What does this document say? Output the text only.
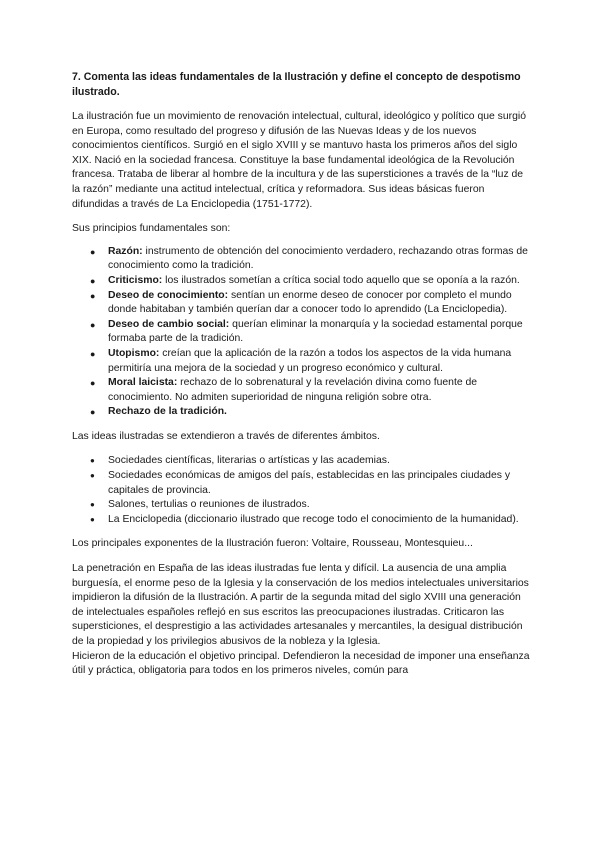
7. Comenta las ideas fundamentales de la Ilustración y define el concepto de despotismo ilustrado.

La ilustración fue un movimiento de renovación intelectual, cultural, ideológico y político que surgió en Europa, como resultado del progreso y difusión de las Nuevas Ideas y de los nuevos conocimientos científicos. Surgió en el siglo XVIII y se mantuvo hasta los primeros años del siglo XIX. Nació en la sociedad francesa. Constituye la base fundamental ideológica de la Revolución francesa. Trataba de liberar al hombre de la incultura y de las supersticiones a través de la “luz de la razón” mediante una actitud intelectual, crítica y reformadora. Sus ideas básicas fueron difundidas a través de La Enciclopedia (1751-1772).

Sus principios fundamentales son:

● Razón: instrumento de obtención del conocimiento verdadero, rechazando otras formas de conocimiento como la tradición.
● Criticismo: los ilustrados sometían a crítica social todo aquello que se oponía a la razón.
● Deseo de conocimiento: sentían un enorme deseo de conocer por completo el mundo donde habitaban y también querían dar a conocer todo lo aprendido (La Enciclopedia).
● Deseo de cambio social: querían eliminar la monarquía y la sociedad estamental porque formaba parte de la tradición.
● Utopismo: creían que la aplicación de la razón a todos los aspectos de la vida humana permitiría una mejora de la sociedad y un progreso económico y cultural.
● Moral laicista: rechazo de lo sobrenatural y la revelación divina como fuente de conocimiento. No admiten superioridad de ninguna religión sobre otra.
● Rechazo de la tradición.

Las ideas ilustradas se extendieron a través de diferentes ámbitos.

● Sociedades científicas, literarias o artísticas y las academias.
● Sociedades económicas de amigos del país, establecidas en las principales ciudades y capitales de provincia.
● Salones, tertulias o reuniones de ilustrados.
● La Enciclopedia (diccionario ilustrado que recoge todo el conocimiento de la humanidad).

Los principales exponentes de la Ilustración fueron: Voltaire, Rousseau, Montesquieu...

La penetración en España de las ideas ilustradas fue lenta y difícil. La ausencia de una amplia burguesía, el enorme peso de la Iglesia y la conservación de los medios intelectuales universitarios impidieron la difusión de la Ilustración. A partir de la segunda mitad del siglo XVIII una generación de intelectuales españoles reflejó en sus escritos las preocupaciones ilustradas. Criticaron las supersticiones, el desprestigio a las actividades artesanales y mercantiles, la desigual distribución de la propiedad y los privilegios abusivos de la nobleza y la Iglesia.

Hicieron de la educación el objetivo principal. Defendieron la necesidad de imponer una enseñanza útil y práctica, obligatoria para todos en los primeros niveles, común para
